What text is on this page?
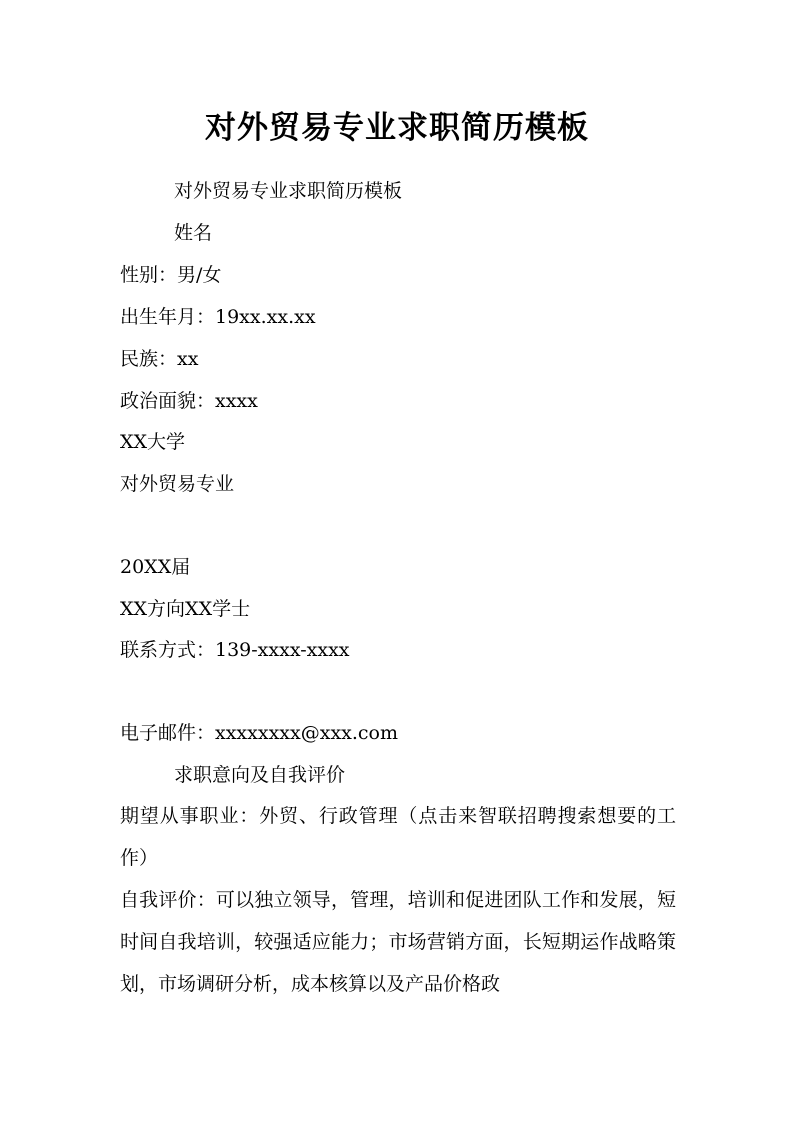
对外贸易专业求职简历模板

对外贸易专业求职简历模板

姓名

性别：男/女

出生年月：19xx.xx.xx

民族：xx

政治面貌：xxxx

XX大学

对外贸易专业

20XX届

XX方向XX学士

联系方式：139-xxxx-xxxx

电子邮件：xxxxxxxx@xxx.com

求职意向及自我评价

期望从事职业：外贸、行政管理（点击来智联招聘搜索想要的工作）

自我评价：可以独立领导，管理，培训和促进团队工作和发展，短时间自我培训，较强适应能力；市场营销方面，长短期运作战略策划，市场调研分析，成本核算以及产品价格政
